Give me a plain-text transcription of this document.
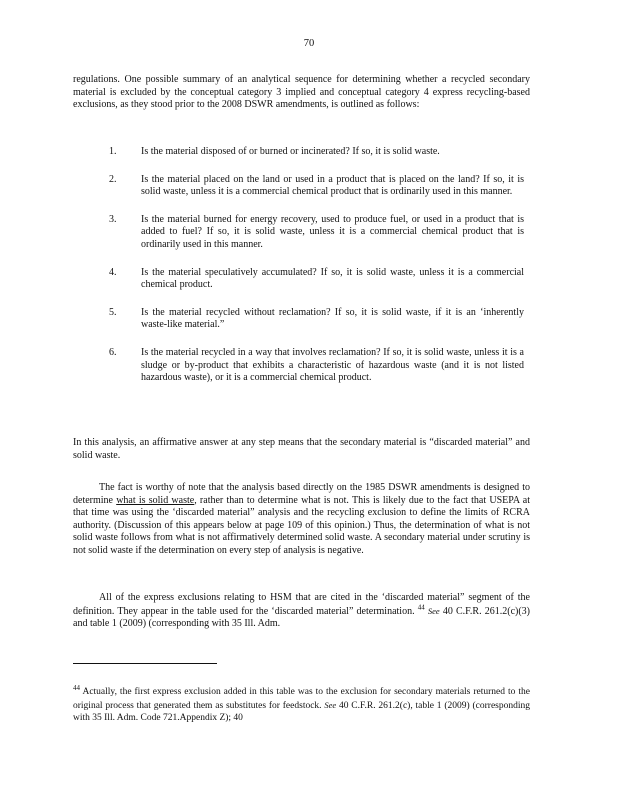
70

regulations. One possible summary of an analytical sequence for determining whether a recycled secondary material is excluded by the conceptual category 3 implied and conceptual category 4 express recycling-based exclusions, as they stood prior to the 2008 DSWR amendments, is outlined as follows:

1.	Is the material disposed of or burned or incinerated? If so, it is solid waste.
2.	Is the material placed on the land or used in a product that is placed on the land? If so, it is solid waste, unless it is a commercial chemical product that is ordinarily used in this manner.
3.	Is the material burned for energy recovery, used to produce fuel, or used in a product that is added to fuel? If so, it is solid waste, unless it is a commercial chemical product that is ordinarily used in this manner.
4.	Is the material speculatively accumulated? If so, it is solid waste, unless it is a commercial chemical product.
5.	Is the material recycled without reclamation? If so, it is solid waste, if it is an ‘inherently waste-like material.”
6.	Is the material recycled in a way that involves reclamation? If so, it is solid waste, unless it is a sludge or by-product that exhibits a characteristic of hazardous waste (and it is not listed hazardous waste), or it is a commercial chemical product.

In this analysis, an affirmative answer at any step means that the secondary material is “discarded material” and solid waste.

The fact is worthy of note that the analysis based directly on the 1985 DSWR amendments is designed to determine what is solid waste, rather than to determine what is not. This is likely due to the fact that USEPA at that time was using the ‘discarded material” analysis and the recycling exclusion to define the limits of RCRA authority. (Discussion of this appears below at page 109 of this opinion.) Thus, the determination of what is not solid waste follows from what is not affirmatively determined solid waste. A secondary material under scrutiny is not solid waste if the determination on every step of analysis is negative.

All of the express exclusions relating to HSM that are cited in the ‘discarded material” segment of the definition. They appear in the table used for the ‘discarded material” determination. $^{44}$ See 40 C.F.R. 261.2(c)(3) and table 1 (2009) (corresponding with 35 Ill. Adm.

$^{44}$ Actually, the first express exclusion added in this table was to the exclusion for secondary materials returned to the original process that generated them as substitutes for feedstock. See 40 C.F.R. 261.2(c), table 1 (2009) (corresponding with 35 Ill. Adm. Code 721.Appendix Z); 40
